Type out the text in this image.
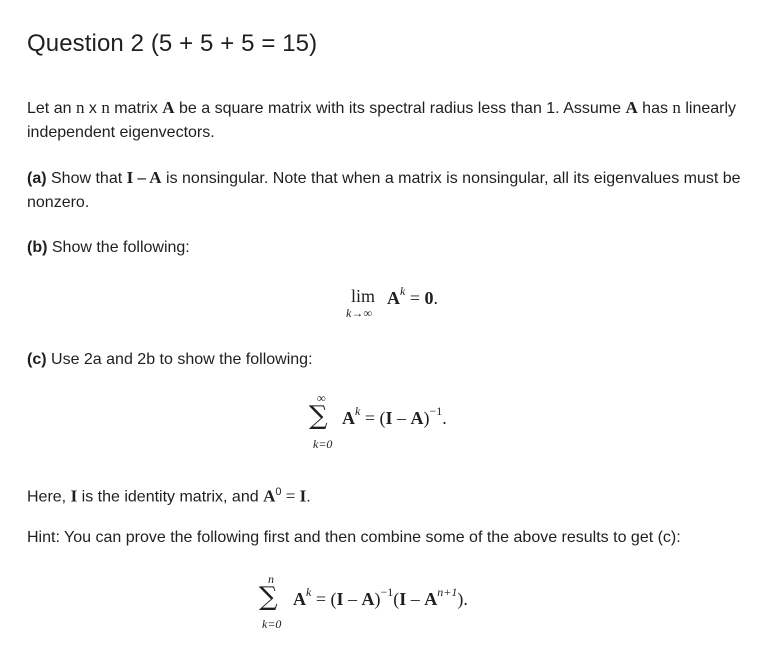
Question 2 (5 + 5 + 5 = 15)

Let an n x n matrix A be a square matrix with its spectral radius less than 1. Assume A has n linearly independent eigenvectors.

(a) Show that I – A is nonsingular. Note that when a matrix is nonsingular, all its eigenvalues must be nonzero.

(b) Show the following:

lim
k→∞
$A^k = 0$.

(c) Use 2a and 2b to show the following:

∞
∑
k=0
$A^k = (I - A)^{-1}$.

Here, I is the identity matrix, and $A^0 = I$.

Hint: You can prove the following first and then combine some of the above results to get (c):

n
∑
k=0
$A^k = (I - A)^{-1}(I - A^{n+1})$.
